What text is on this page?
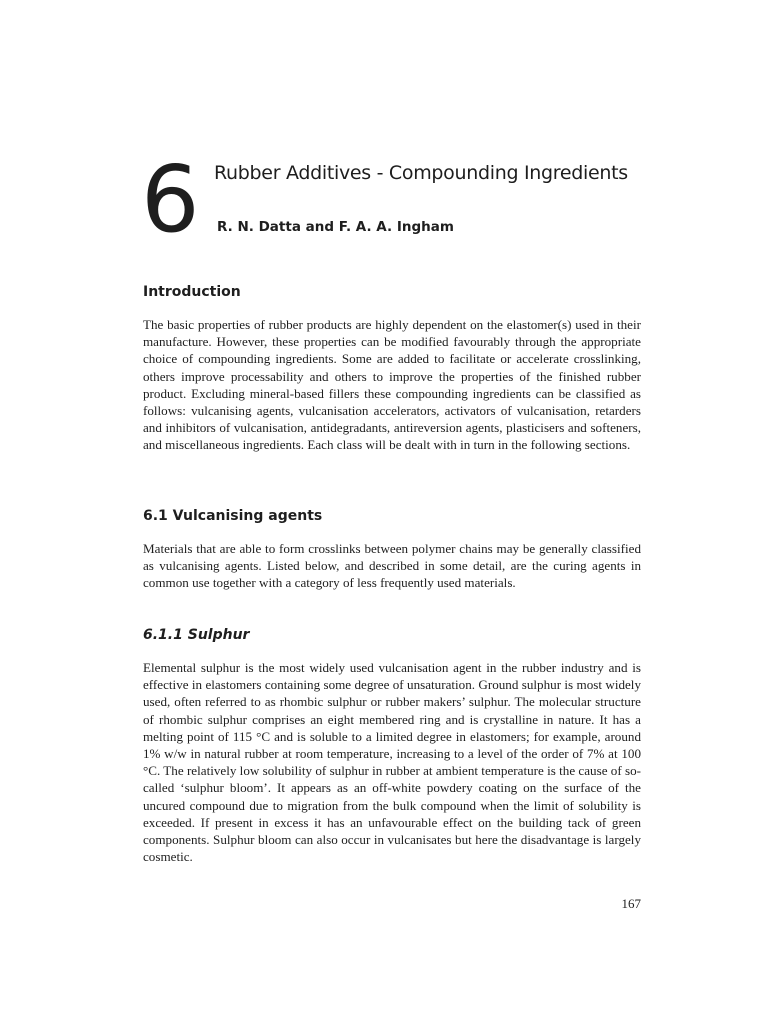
6 Rubber Additives - Compounding Ingredients
R. N. Datta and F. A. A. Ingham
Introduction

The basic properties of rubber products are highly dependent on the elastomer(s) used in their manufacture. However, these properties can be modified favourably through the appropriate choice of compounding ingredients. Some are added to facilitate or accelerate crosslinking, others improve processability and others to improve the properties of the finished rubber product. Excluding mineral-based fillers these compounding ingredients can be classified as follows: vulcanising agents, vulcanisation accelerators, activators of vulcanisation, retarders and inhibitors of vulcanisation, antidegradants, antireversion agents, plasticisers and softeners, and miscellaneous ingredients. Each class will be dealt with in turn in the following sections.

6.1 Vulcanising agents

Materials that are able to form crosslinks between polymer chains may be generally classified as vulcanising agents. Listed below, and described in some detail, are the curing agents in common use together with a category of less frequently used materials.

6.1.1 Sulphur

Elemental sulphur is the most widely used vulcanisation agent in the rubber industry and is effective in elastomers containing some degree of unsaturation. Ground sulphur is most widely used, often referred to as rhombic sulphur or rubber makers’ sulphur. The molecular structure of rhombic sulphur comprises an eight membered ring and is crystalline in nature. It has a melting point of 115 °C and is soluble to a limited degree in elastomers; for example, around 1% w/w in natural rubber at room temperature, increasing to a level of the order of 7% at 100 °C. The relatively low solubility of sulphur in rubber at ambient temperature is the cause of so-called ‘sulphur bloom’. It appears as an off-white powdery coating on the surface of the uncured compound due to migration from the bulk compound when the limit of solubility is exceeded. If present in excess it has an unfavourable effect on the building tack of green components. Sulphur bloom can also occur in vulcanisates but here the disadvantage is largely cosmetic.

167
